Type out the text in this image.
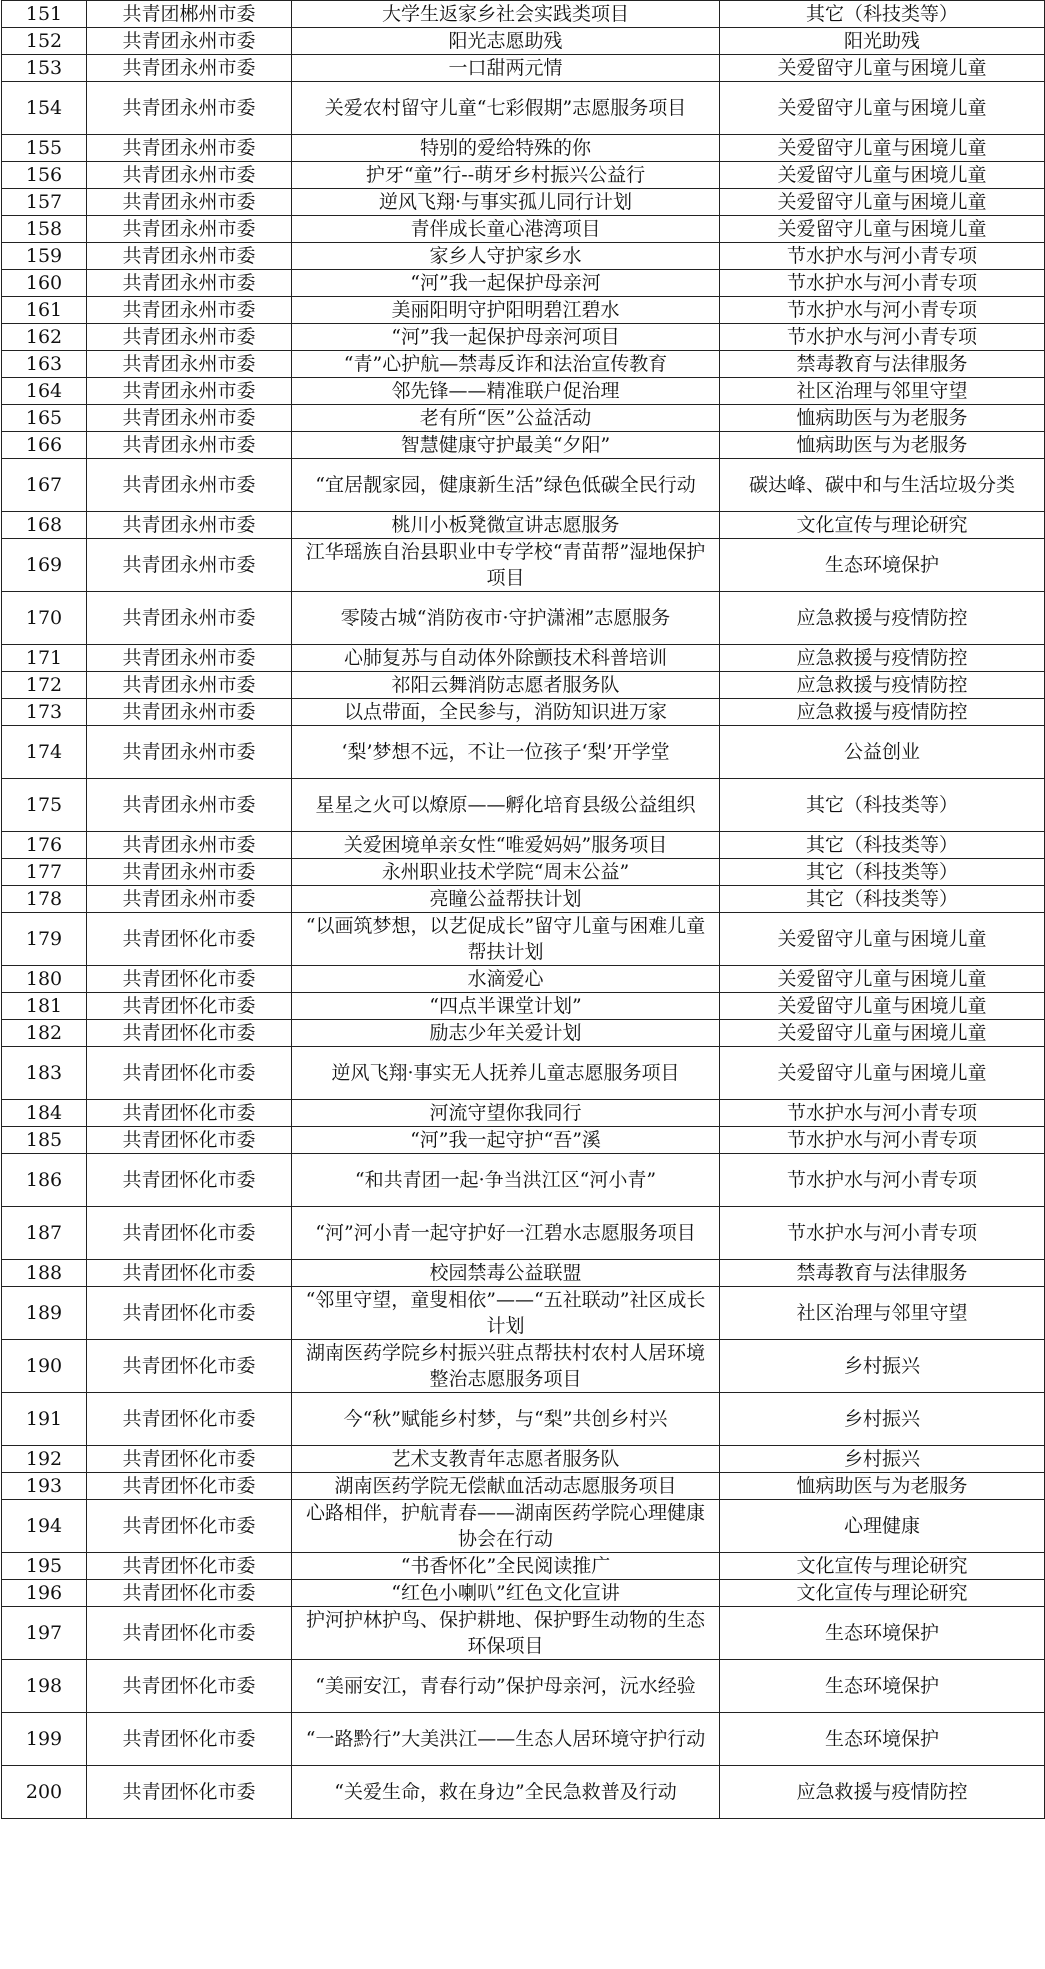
151	共青团郴州市委	大学生返家乡社会实践类项目	其它（科技类等）
152	共青团永州市委	阳光志愿助残	阳光助残
153	共青团永州市委	一口甜两元情	关爱留守儿童与困境儿童
154	共青团永州市委	关爱农村留守儿童“七彩假期”志愿服务项目	关爱留守儿童与困境儿童
155	共青团永州市委	特别的爱给特殊的你	关爱留守儿童与困境儿童
156	共青团永州市委	护牙“童”行--萌牙乡村振兴公益行	关爱留守儿童与困境儿童
157	共青团永州市委	逆风飞翔·与事实孤儿同行计划	关爱留守儿童与困境儿童
158	共青团永州市委	青伴成长童心港湾项目	关爱留守儿童与困境儿童
159	共青团永州市委	家乡人守护家乡水	节水护水与河小青专项
160	共青团永州市委	“河”我一起保护母亲河	节水护水与河小青专项
161	共青团永州市委	美丽阳明守护阳明碧江碧水	节水护水与河小青专项
162	共青团永州市委	“河”我一起保护母亲河项目	节水护水与河小青专项
163	共青团永州市委	“青”心护航—禁毒反诈和法治宣传教育	禁毒教育与法律服务
164	共青团永州市委	邻先锋——精准联户促治理	社区治理与邻里守望
165	共青团永州市委	老有所“医”公益活动	恤病助医与为老服务
166	共青团永州市委	智慧健康守护最美“夕阳”	恤病助医与为老服务
167	共青团永州市委	“宜居靓家园，健康新生活”绿色低碳全民行动	碳达峰、碳中和与生活垃圾分类
168	共青团永州市委	桃川小板凳微宣讲志愿服务	文化宣传与理论研究
169	共青团永州市委	江华瑶族自治县职业中专学校“青苗帮”湿地保护项目	生态环境保护
170	共青团永州市委	零陵古城“消防夜市·守护潇湘”志愿服务	应急救援与疫情防控
171	共青团永州市委	心肺复苏与自动体外除颤技术科普培训	应急救援与疫情防控
172	共青团永州市委	祁阳云舞消防志愿者服务队	应急救援与疫情防控
173	共青团永州市委	以点带面，全民参与，消防知识进万家	应急救援与疫情防控
174	共青团永州市委	‘梨’梦想不远，不让一位孩子‘梨’开学堂	公益创业
175	共青团永州市委	星星之火可以燎原——孵化培育县级公益组织	其它（科技类等）
176	共青团永州市委	关爱困境单亲女性“唯爱妈妈”服务项目	其它（科技类等）
177	共青团永州市委	永州职业技术学院“周末公益”	其它（科技类等）
178	共青团永州市委	亮瞳公益帮扶计划	其它（科技类等）
179	共青团怀化市委	“以画筑梦想，以艺促成长”留守儿童与困难儿童帮扶计划	关爱留守儿童与困境儿童
180	共青团怀化市委	水滴爱心	关爱留守儿童与困境儿童
181	共青团怀化市委	“四点半课堂计划”	关爱留守儿童与困境儿童
182	共青团怀化市委	励志少年关爱计划	关爱留守儿童与困境儿童
183	共青团怀化市委	逆风飞翔·事实无人抚养儿童志愿服务项目	关爱留守儿童与困境儿童
184	共青团怀化市委	河流守望你我同行	节水护水与河小青专项
185	共青团怀化市委	“河”我一起守护“吾”溪	节水护水与河小青专项
186	共青团怀化市委	“和共青团一起·争当洪江区“河小青”	节水护水与河小青专项
187	共青团怀化市委	“河”河小青一起守护好一江碧水志愿服务项目	节水护水与河小青专项
188	共青团怀化市委	校园禁毒公益联盟	禁毒教育与法律服务
189	共青团怀化市委	“邻里守望，童叟相依”——“五社联动”社区成长计划	社区治理与邻里守望
190	共青团怀化市委	湖南医药学院乡村振兴驻点帮扶村农村人居环境整治志愿服务项目	乡村振兴
191	共青团怀化市委	今“秋”赋能乡村梦，与“梨”共创乡村兴	乡村振兴
192	共青团怀化市委	艺术支教青年志愿者服务队	乡村振兴
193	共青团怀化市委	湖南医药学院无偿献血活动志愿服务项目	恤病助医与为老服务
194	共青团怀化市委	心路相伴，护航青春——湖南医药学院心理健康协会在行动	心理健康
195	共青团怀化市委	“书香怀化”全民阅读推广	文化宣传与理论研究
196	共青团怀化市委	“红色小喇叭”红色文化宣讲	文化宣传与理论研究
197	共青团怀化市委	护河护林护鸟、保护耕地、保护野生动物的生态环保项目	生态环境保护
198	共青团怀化市委	“美丽安江，青春行动”保护母亲河，沅水经验	生态环境保护
199	共青团怀化市委	“一路黔行”大美洪江——生态人居环境守护行动	生态环境保护
200	共青团怀化市委	“关爱生命，救在身边”全民急救普及行动	应急救援与疫情防控
